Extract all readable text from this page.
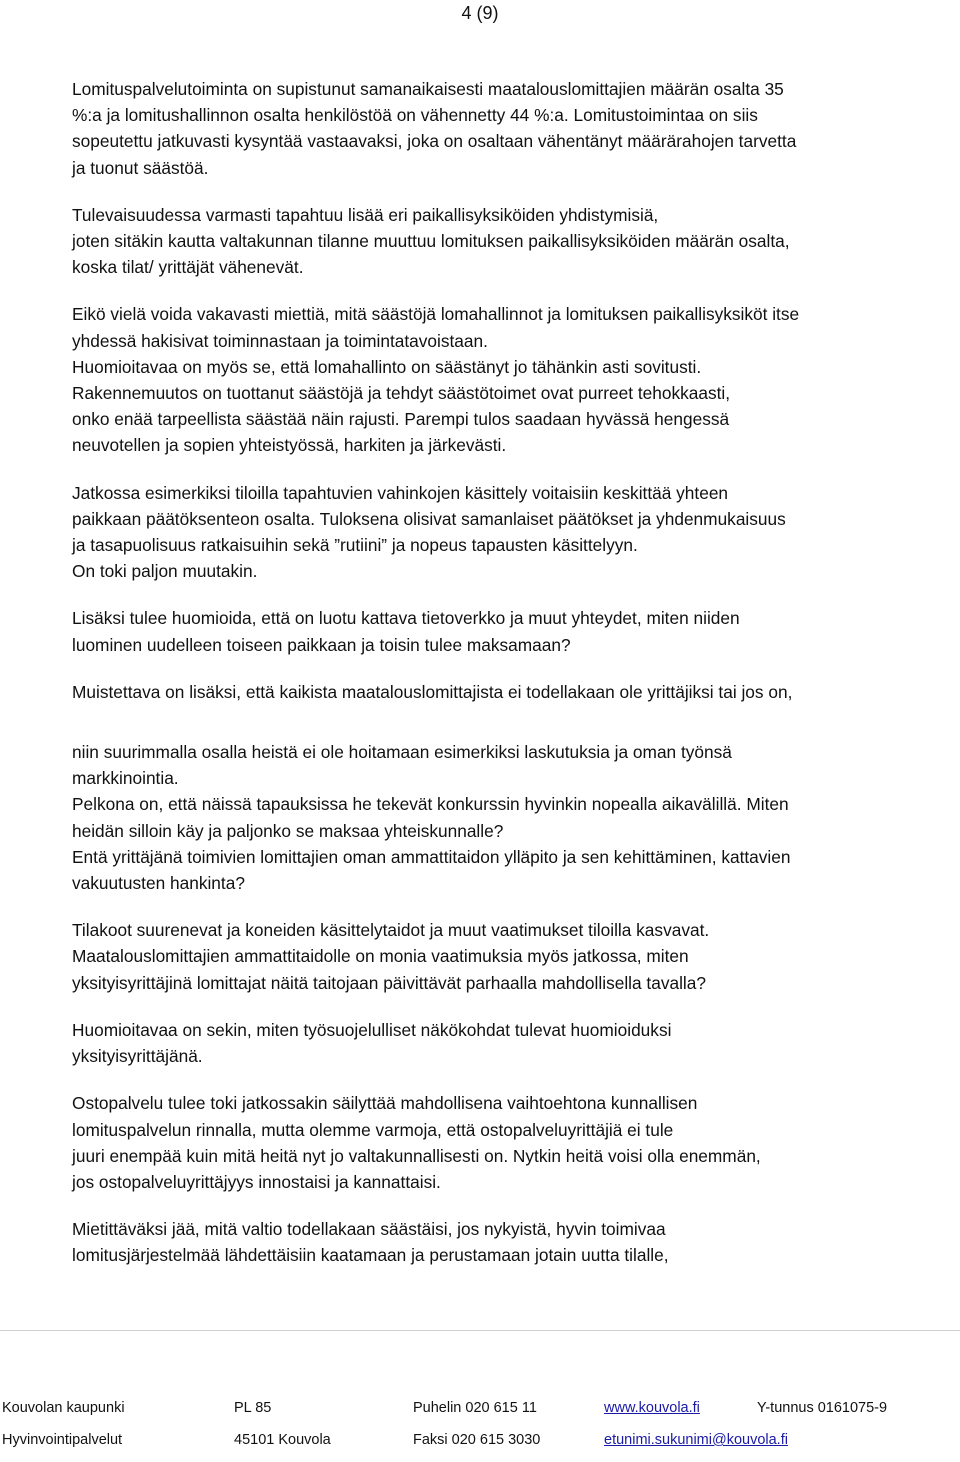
4 (9)

Lomituspalvelutoiminta on supistunut samanaikaisesti maatalouslomittajien määrän osalta 35
%:a ja lomitushallinnon osalta henkilöstöä on vähennetty 44 %:a. Lomitustoimintaa on siis
sopeutettu jatkuvasti kysyntää vastaavaksi, joka on osaltaan vähentänyt määrärahojen tarvetta
ja tuonut säästöä.

Tulevaisuudessa varmasti tapahtuu lisää eri paikallisyksiköiden yhdistymisiä,
joten sitäkin kautta valtakunnan tilanne muuttuu lomituksen paikallisyksiköiden määrän osalta,
koska tilat/ yrittäjät vähenevät.

Eikö vielä voida vakavasti miettiä, mitä säästöjä lomahallinnot ja lomituksen paikallisyksiköt itse
yhdessä hakisivat toiminnastaan ja toimintatavoistaan.
Huomioitavaa on myös se, että lomahallinto on säästänyt jo tähänkin asti sovitusti.
Rakennemuutos on tuottanut säästöjä ja tehdyt säästötoimet ovat purreet tehokkaasti,
onko enää tarpeellista säästää näin rajusti. Parempi tulos saadaan hyvässä hengessä
neuvotellen ja sopien yhteistyössä, harkiten ja järkevästi.

Jatkossa esimerkiksi tiloilla tapahtuvien vahinkojen käsittely voitaisiin keskittää yhteen
paikkaan päätöksenteon osalta. Tuloksena olisivat samanlaiset päätökset ja yhdenmukaisuus
ja tasapuolisuus ratkaisuihin sekä ”rutiini” ja nopeus tapausten käsittelyyn.
On toki paljon muutakin.

Lisäksi tulee huomioida, että on luotu kattava tietoverkko ja muut yhteydet, miten niiden
luominen uudelleen toiseen paikkaan ja toisin tulee maksamaan?

Muistettava on lisäksi, että kaikista maatalouslomittajista ei todellakaan ole yrittäjiksi tai jos on,

niin suurimmalla osalla heistä ei ole hoitamaan esimerkiksi laskutuksia ja oman työnsä
markkinointia.
Pelkona on, että näissä tapauksissa he tekevät konkurssin hyvinkin nopealla aikavälillä. Miten
heidän silloin käy ja paljonko se maksaa yhteiskunnalle?
Entä yrittäjänä toimivien lomittajien oman ammattitaidon ylläpito ja sen kehittäminen, kattavien
vakuutusten hankinta?

Tilakoot suurenevat ja koneiden käsittelytaidot ja muut vaatimukset tiloilla kasvavat.
Maatalouslomittajien ammattitaidolle on monia vaatimuksia myös jatkossa, miten
yksityisyrittäjinä lomittajat näitä taitojaan päivittävät parhaalla mahdollisella tavalla?

Huomioitavaa on sekin, miten työsuojelulliset näkökohdat tulevat huomioiduksi
yksityisyrittäjänä.

Ostopalvelu tulee toki jatkossakin säilyttää mahdollisena vaihtoehtona kunnallisen
lomituspalvelun rinnalla, mutta olemme varmoja, että ostopalveluyrittäjiä ei tule
juuri enempää kuin mitä heitä nyt jo valtakunnallisesti on. Nytkin heitä voisi olla enemmän,
jos ostopalveluyrittäjyys innostaisi ja kannattaisi.

Mietittäväksi jää, mitä valtio todellakaan säästäisi, jos nykyistä, hyvin toimivaa
lomitusjärjestelmää lähdettäisiin kaatamaan ja perustamaan jotain uutta tilalle,

Kouvolan kaupunki	PL 85	Puhelin 020 615 11	www.kouvola.fi	Y-tunnus 0161075-9
Hyvinvointipalvelut	45101 Kouvola	Faksi 020 615 3030	etunimi.sukunimi@kouvola.fi
